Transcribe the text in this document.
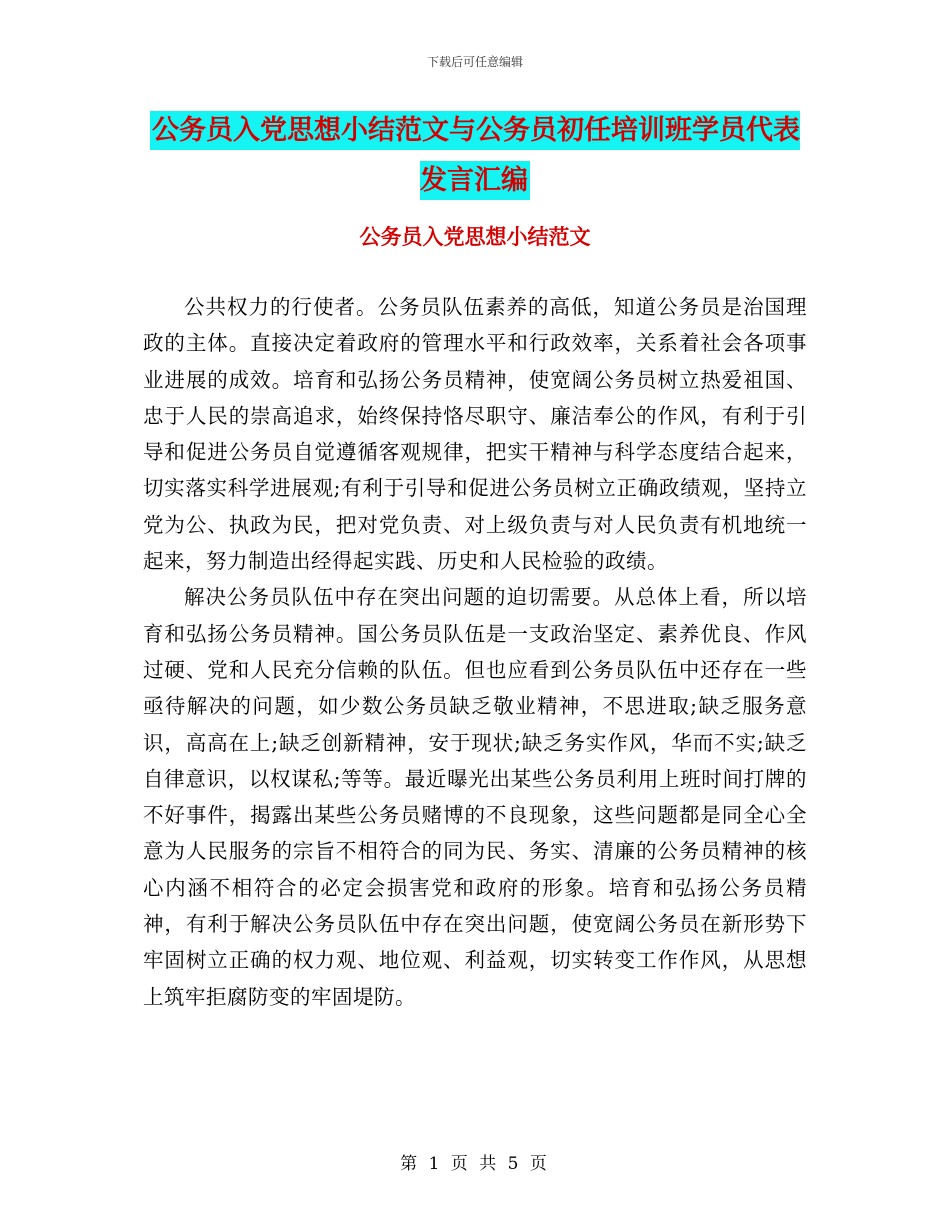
下载后可任意编辑
公务员入党思想小结范文与公务员初任培训班学员代表发言汇编
公务员入党思想小结范文

公共权力的行使者。公务员队伍素养的高低，知道公务员是治国理政的主体。直接决定着政府的管理水平和行政效率，关系着社会各项事业进展的成效。培育和弘扬公务员精神，使宽阔公务员树立热爱祖国、忠于人民的崇高追求，始终保持恪尽职守、廉洁奉公的作风，有利于引导和促进公务员自觉遵循客观规律，把实干精神与科学态度结合起来，切实落实科学进展观;有利于引导和促进公务员树立正确政绩观，坚持立党为公、执政为民，把对党负责、对上级负责与对人民负责有机地统一起来，努力制造出经得起实践、历史和人民检验的政绩。

解决公务员队伍中存在突出问题的迫切需要。从总体上看，所以培育和弘扬公务员精神。国公务员队伍是一支政治坚定、素养优良、作风过硬、党和人民充分信赖的队伍。但也应看到公务员队伍中还存在一些亟待解决的问题，如少数公务员缺乏敬业精神，不思进取;缺乏服务意识，高高在上;缺乏创新精神，安于现状;缺乏务实作风，华而不实;缺乏自律意识，以权谋私;等等。最近曝光出某些公务员利用上班时间打牌的不好事件，揭露出某些公务员赌博的不良现象，这些问题都是同全心全意为人民服务的宗旨不相符合的同为民、务实、清廉的公务员精神的核心内涵不相符合的必定会损害党和政府的形象。培育和弘扬公务员精神，有利于解决公务员队伍中存在突出问题，使宽阔公务员在新形势下牢固树立正确的权力观、地位观、利益观，切实转变工作作风，从思想上筑牢拒腐防变的牢固堤防。

第 1 页 共 5 页
